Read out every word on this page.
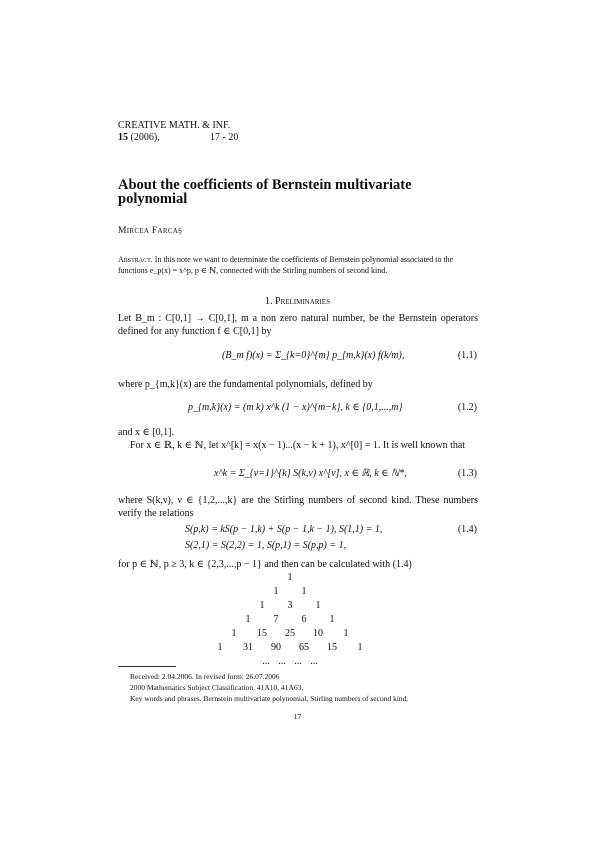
CREATIVE MATH. & INF.
15 (2006),	17 - 20
About the coefficients of Bernstein multivariate polynomial
Mircea Farcaş
Abstract. In this note we want to determinate the coefficients of Bernstein polynomial associated to the functions e_p(x) = x^p, p ∈ ℕ, connected with the Stirling numbers of second kind.
1. Preliminaries
Let B_m : C[0,1] → C[0,1], m a non zero natural number, be the Bernstein operators defined for any function f ∈ C[0,1] by
(B_m f)(x) = Σ_{k=0}^{m} p_{m,k}(x) f(k/m),	(1.1)
where p_{m,k}(x) are the fundamental polynomials, defined by
p_{m,k}(x) = (m k) x^k (1 − x)^{m−k}, k ∈ {0,1,...,m}	(1.2)
and x ∈ [0,1].
For x ∈ ℝ, k ∈ ℕ, let x^[k] = x(x − 1)...(x − k + 1), x^[0] = 1. It is well known that
x^k = Σ_{ν=1}^{k} S(k,ν) x^[ν], x ∈ ℝ, k ∈ ℕ*,	(1.3)
where S(k,ν), ν ∈ {1,2,...,k} are the Stirling numbers of second kind. These numbers verify the relations
S(p,k) = kS(p − 1,k) + S(p − 1,k − 1), S(1,1) = 1,
S(2,1) = S(2,2) = 1, S(p,1) = S(p,p) = 1,
(1.4)
for p ∈ ℕ, p ≥ 3, k ∈ {2,3,...,p − 1} and then can be calculated with (1.4)
1
1	1
1	3	1
1	7	6	1
1	15	25	10	1
1	31	90	65	15	1
... ... ... ...
Received: 2.04.2006. In revised form: 26.07.2006
2000 Mathematics Subject Classification. 41A10, 41A63.
Key words and phrases. Bernstein multivariate polynomial, Stirling numbers of second kind.
17
